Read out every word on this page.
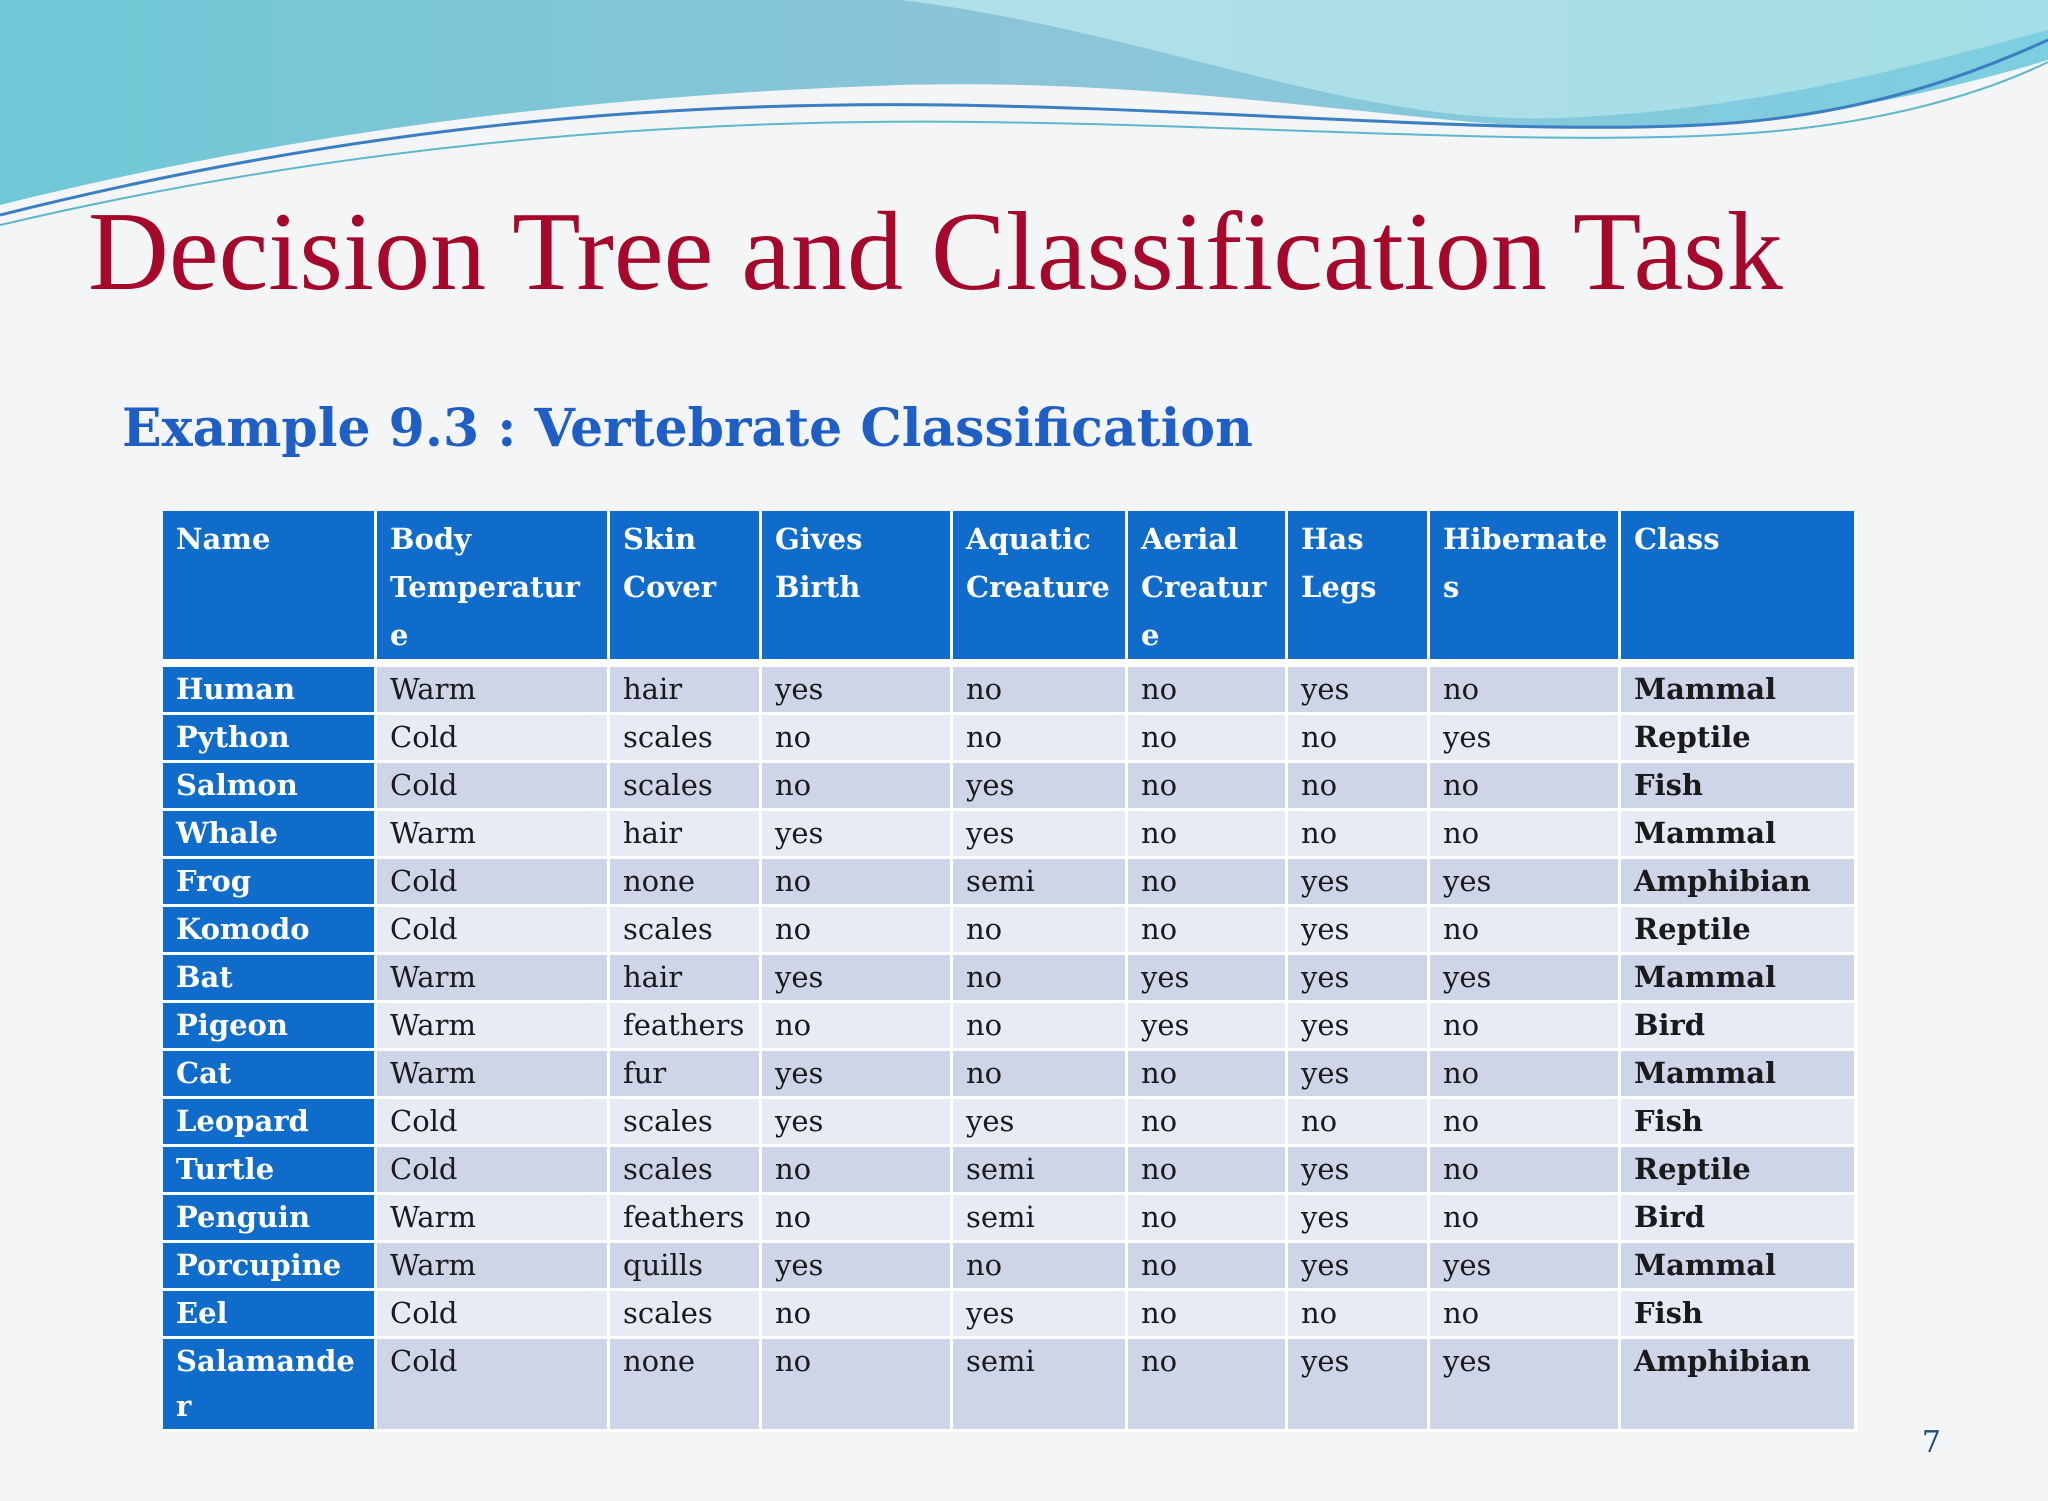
Decision Tree and Classification Task
Example 9.3 : Vertebrate Classification
Name	Body Temperatur e	Skin Cover	Gives Birth	Aquatic Creature	Aerial Creatur e	Has Legs	Hibernate s	Class
Human	Warm	hair	yes	no	no	yes	no	Mammal
Python	Cold	scales	no	no	no	no	yes	Reptile
Salmon	Cold	scales	no	yes	no	no	no	Fish
Whale	Warm	hair	yes	yes	no	no	no	Mammal
Frog	Cold	none	no	semi	no	yes	yes	Amphibian
Komodo	Cold	scales	no	no	no	yes	no	Reptile
Bat	Warm	hair	yes	no	yes	yes	yes	Mammal
Pigeon	Warm	feathers	no	no	yes	yes	no	Bird
Cat	Warm	fur	yes	no	no	yes	no	Mammal
Leopard	Cold	scales	yes	yes	no	no	no	Fish
Turtle	Cold	scales	no	semi	no	yes	no	Reptile
Penguin	Warm	feathers	no	semi	no	yes	no	Bird
Porcupine	Warm	quills	yes	no	no	yes	yes	Mammal
Eel	Cold	scales	no	yes	no	no	no	Fish
Salamande r	Cold	none	no	semi	no	yes	yes	Amphibian
7
